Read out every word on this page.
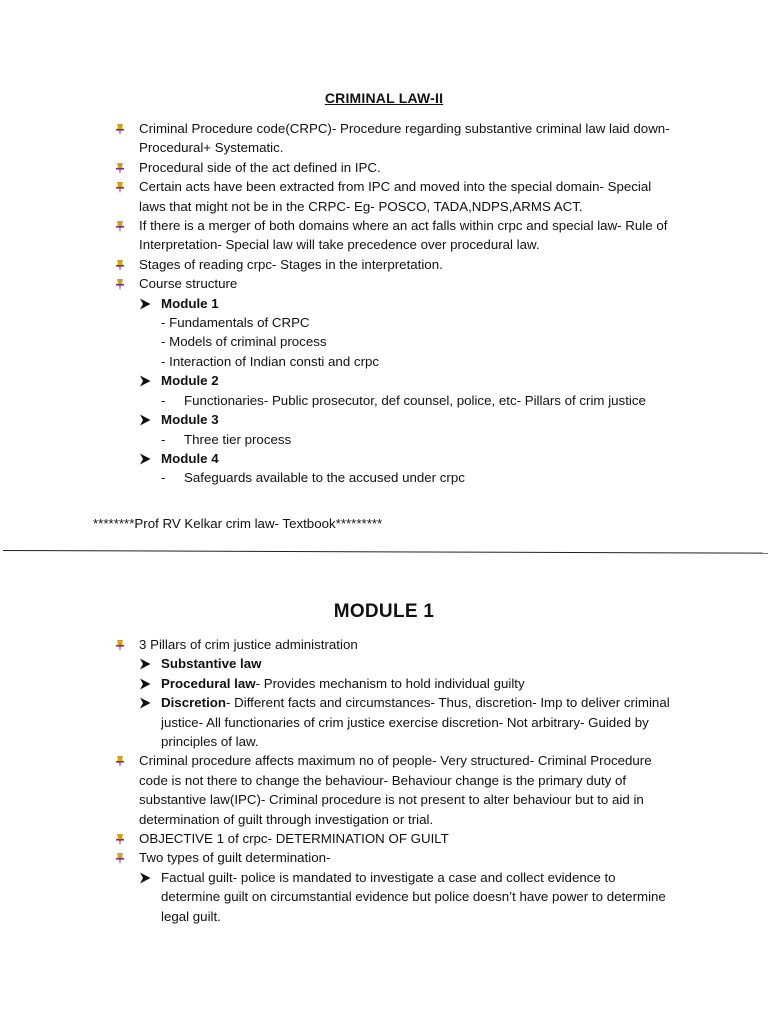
CRIMINAL LAW-II
Criminal Procedure code(CRPC)- Procedure regarding substantive criminal law laid down- Procedural+ Systematic.
Procedural side of the act defined in IPC.
Certain acts have been extracted from IPC and moved into the special domain- Special laws that might not be in the CRPC- Eg- POSCO, TADA,NDPS,ARMS ACT.
If there is a merger of both domains where an act falls within crpc and special law- Rule of Interpretation- Special law will take precedence over procedural law.
Stages of reading crpc- Stages in the interpretation.
Course structure
Module 1
- Fundamentals of CRPC
- Models of criminal process
- Interaction of Indian consti and crpc
Module 2
- Functionaries- Public prosecutor, def counsel, police, etc- Pillars of crim justice
Module 3
- Three tier process
Module 4
- Safeguards available to the accused under crpc
********Prof RV Kelkar crim law- Textbook*********
MODULE 1
3 Pillars of crim justice administration
Substantive law
Procedural law- Provides mechanism to hold individual guilty
Discretion- Different facts and circumstances- Thus, discretion- Imp to deliver criminal justice- All functionaries of crim justice exercise discretion- Not arbitrary- Guided by principles of law.
Criminal procedure affects maximum no of people- Very structured- Criminal Procedure code is not there to change the behaviour- Behaviour change is the primary duty of substantive law(IPC)- Criminal procedure is not present to alter behaviour but to aid in determination of guilt through investigation or trial.
OBJECTIVE 1 of crpc- DETERMINATION OF GUILT
Two types of guilt determination-
Factual guilt- police is mandated to investigate a case and collect evidence to determine guilt on circumstantial evidence but police doesn’t have power to determine legal guilt.
